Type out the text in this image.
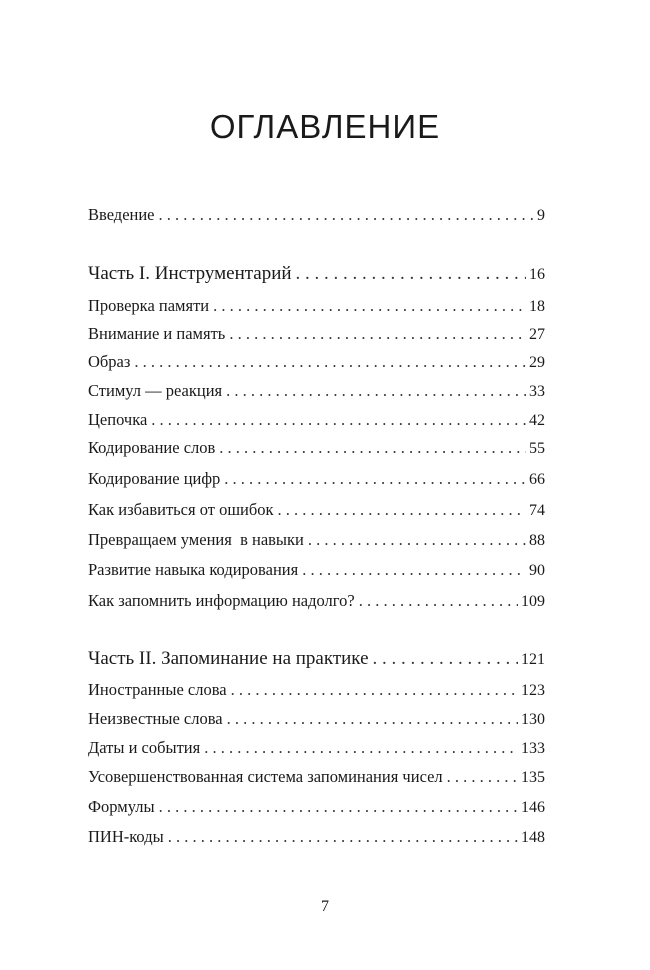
ОГЛАВЛЕНИЕ
Введение . . .	9
Часть I. Инструментарий . . .	16
Проверка памяти . . .	18
Внимание и память . . .	27
Образ . . .	29
Стимул — реакция . . .	33
Цепочка . . .	42
Кодирование слов . . .	55
Кодирование цифр . . .	66
Как избавиться от ошибок . . .	74
Превращаем умения  в навыки . . .	88
Развитие навыка кодирования . . .	90
Как запомнить информацию надолго? . . .	109
Часть II. Запоминание на практике . . .	121
Иностранные слова . . .	123
Неизвестные слова . . .	130
Даты и события . . .	133
Усовершенствованная система запоминания чисел . . .	135
Формулы . . .	146
ПИН-коды . . .	148
7
